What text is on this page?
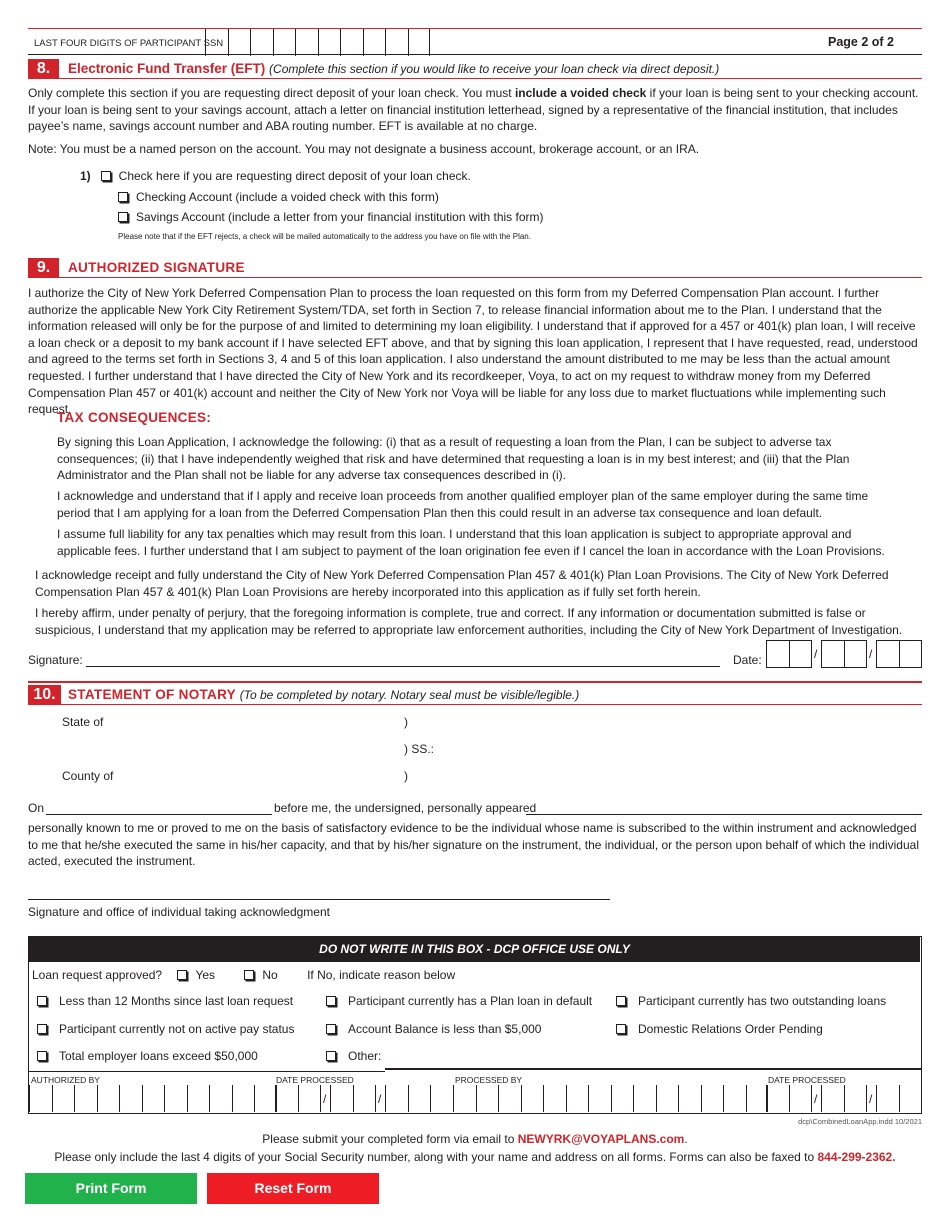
LAST FOUR DIGITS OF PARTICIPANT SSN	Page 2 of 2
8.	Electronic Fund Transfer (EFT) (Complete this section if you would like to receive your loan check via direct deposit.)
Only complete this section if you are requesting direct deposit of your loan check. You must include a voided check if your loan is being sent to your checking account. If your loan is being sent to your savings account, attach a letter on financial institution letterhead, signed by a representative of the financial institution, that includes payee’s name, savings account number and ABA routing number. EFT is available at no charge.
Note: You must be a named person on the account. You may not designate a business account, brokerage account, or an IRA.
1) Check here if you are requesting direct deposit of your loan check.
Checking Account (include a voided check with this form)
Savings Account (include a letter from your financial institution with this form)
Please note that if the EFT rejects, a check will be mailed automatically to the address you have on file with the Plan.
9.	AUTHORIZED SIGNATURE
I authorize the City of New York Deferred Compensation Plan to process the loan requested on this form from my Deferred Compensation Plan account. I further authorize the applicable New York City Retirement System/TDA, set forth in Section 7, to release financial information about me to the Plan. I understand that the information released will only be for the purpose of and limited to determining my loan eligibility. I understand that if approved for a 457 or 401(k) plan loan, I will receive a loan check or a deposit to my bank account if I have selected EFT above, and that by signing this loan application, I represent that I have requested, read, understood and agreed to the terms set forth in Sections 3, 4 and 5 of this loan application. I also understand the amount distributed to me may be less than the actual amount requested. I further understand that I have directed the City of New York and its recordkeeper, Voya, to act on my request to withdraw money from my Deferred Compensation Plan 457 or 401(k) account and neither the City of New York nor Voya will be liable for any loss due to market fluctuations while implementing such request.
TAX CONSEQUENCES:
By signing this Loan Application, I acknowledge the following: (i) that as a result of requesting a loan from the Plan, I can be subject to adverse tax consequences; (ii) that I have independently weighed that risk and have determined that requesting a loan is in my best interest; and (iii) that the Plan Administrator and the Plan shall not be liable for any adverse tax consequences described in (i).
I acknowledge and understand that if I apply and receive loan proceeds from another qualified employer plan of the same employer during the same time period that I am applying for a loan from the Deferred Compensation Plan then this could result in an adverse tax consequence and loan default.
I assume full liability for any tax penalties which may result from this loan. I understand that this loan application is subject to appropriate approval and applicable fees. I further understand that I am subject to payment of the loan origination fee even if I cancel the loan in accordance with the Loan Provisions.
I acknowledge receipt and fully understand the City of New York Deferred Compensation Plan 457 & 401(k) Plan Loan Provisions. The City of New York Deferred Compensation Plan 457 & 401(k) Plan Loan Provisions are hereby incorporated into this application as if fully set forth herein.
I hereby affirm, under penalty of perjury, that the foregoing information is complete, true and correct. If any information or documentation submitted is false or suspicious, I understand that my application may be referred to appropriate law enforcement authorities, including the City of New York Department of Investigation.
Signature:	Date:	/	/
10. STATEMENT OF NOTARY (To be completed by notary. Notary seal must be visible/legible.)
State of	)
) SS.:
County of	)
On	before me, the undersigned, personally appeared
personally known to me or proved to me on the basis of satisfactory evidence to be the individual whose name is subscribed to the within instrument and acknowledged to me that he/she executed the same in his/her capacity, and that by his/her signature on the instrument, the individual, or the person upon behalf of which the individual acted, executed the instrument.
Signature and office of individual taking acknowledgment
DO NOT WRITE IN THIS BOX - DCP OFFICE USE ONLY
Loan request approved?	Yes	No If No, indicate reason below
Less than 12 Months since last loan request	Participant currently has a Plan loan in default	Participant currently has two outstanding loans
Participant currently not on active pay status	Account Balance is less than $5,000	Domestic Relations Order Pending
Total employer loans exceed $50,000	Other:
AUTHORIZED BY	DATE PROCESSED	PROCESSED BY	DATE PROCESSED
/	/	/	/
dcp\CombinedLoanApp.indd 10/2021
Please submit your completed form via email to NEWYRK@VOYAPLANS.com.
Please only include the last 4 digits of your Social Security number, along with your name and address on all forms. Forms can also be faxed to 844-299-2362.
Print Form	Reset Form
